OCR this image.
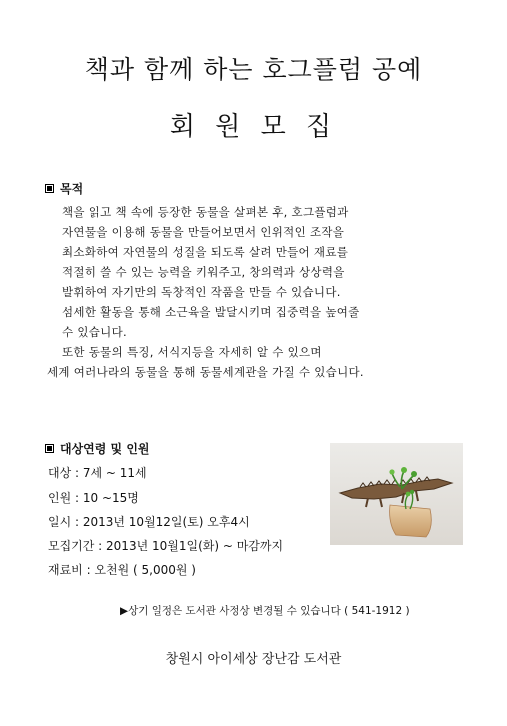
책과 함께 하는 호그플럼 공예
회 원 모 집
목적
책을 읽고 책 속에 등장한 동물을 살펴본 후, 호그플럼과
자연물을 이용해 동물을 만들어보면서 인위적인 조작을
최소화하여 자연물의 성질을 되도록 살려 만들어 재료를
적절히 쓸 수 있는 능력을 키워주고, 창의력과 상상력을
발휘하여 자기만의 독창적인 작품을 만들 수 있습니다.
섬세한 활동을 통해 소근육을 발달시키며 집중력을 높여줄
수 있습니다.
또한 동물의 특징, 서식지등을 자세히 알 수 있으며
세계 여러나라의 동물을 통해 동물세계관을 가질 수 있습니다.
대상연령 및 인원
대상 : 7세 ~ 11세
인원 : 10 ~15명
일시 : 2013년 10월12일(토) 오후4시
모집기간 : 2013년 10월1일(화) ~ 마감까지
재료비 : 오천원 ( 5,000원 )
▶상기 일정은 도서관 사정상 변경될 수 있습니다 ( 541-1912 )
창원시 아이세상 장난감 도서관
